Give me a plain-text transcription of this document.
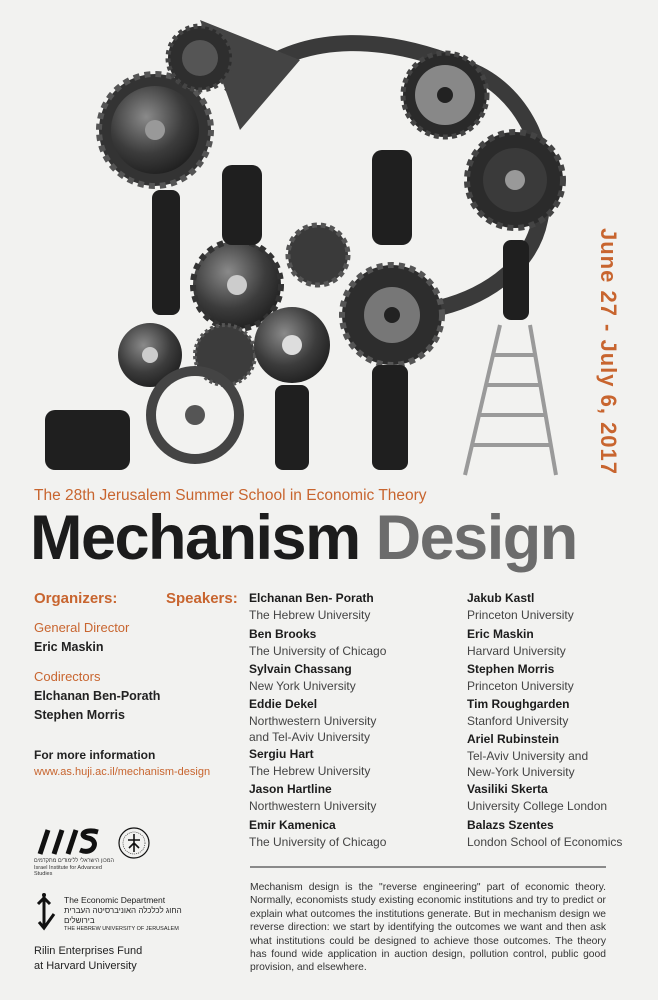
June 27 - July 6, 2017
The 28th Jerusalem Summer School in Economic Theory
Mechanism Design
Organizers:	Speakers:
General Director
Eric Maskin
Codirectors
Elchanan Ben-Porath
Stephen Morris
For more information
www.as.huji.ac.il/mechanism-design
Elchanan Ben- Porath
The Hebrew University
Ben Brooks
The University of Chicago
Sylvain Chassang
New York University
Eddie Dekel
Northwestern University
and Tel-Aviv University
Sergiu Hart
The Hebrew University
Jason Hartline
Northwestern University
Emir Kamenica
The University of Chicago
Jakub Kastl
Princeton University
Eric Maskin
Harvard University
Stephen Morris
Princeton University
Tim Roughgarden
Stanford University
Ariel Rubinstein
Tel-Aviv University and
New-York University
Vasiliki Skerta
University College London
Balazs Szentes
London School of Economics
Mechanism design is the "reverse engineering" part of economic theory. Normally, economists study existing economic institutions and try to predict or explain what outcomes the institutions generate. But in mechanism design we reverse direction: we start by identifying the outcomes we want and then ask what institutions could be designed to achieve those outcomes. The theory has found wide application in auction design, pollution control, public good provision, and elsewhere.
המכון הישראלי ללימודים מתקדמים Israel Institute for Advanced Studies
The Economic Department
החוג לכלכלה האוניברסיטה העברית בירושלים
THE HEBREW UNIVERSITY OF JERUSALEM
Rilin Enterprises Fund
at Harvard University
